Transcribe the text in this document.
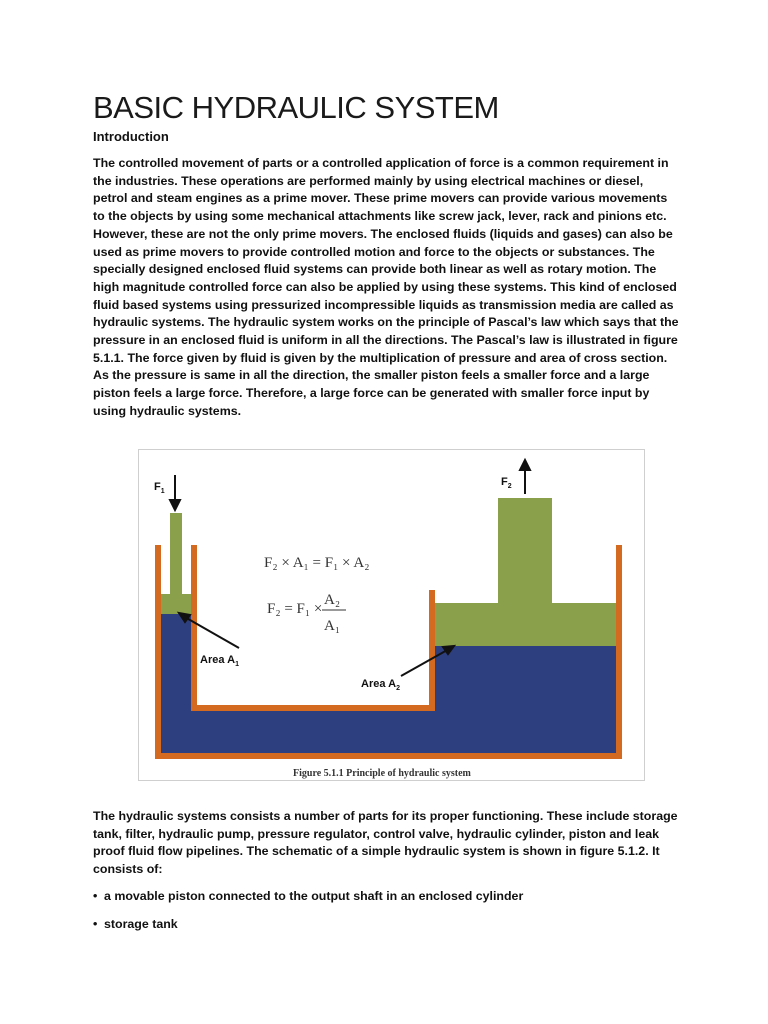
BASIC HYDRAULIC SYSTEM
Introduction

The controlled movement of parts or a controlled application of force is a common requirement in the industries. These operations are performed mainly by using electrical machines or diesel, petrol and steam engines as a prime mover. These prime movers can provide various movements to the objects by using some mechanical attachments like screw jack, lever, rack and pinions etc. However, these are not the only prime movers. The enclosed fluids (liquids and gases) can also be used as prime movers to provide controlled motion and force to the objects or substances. The specially designed enclosed fluid systems can provide both linear as well as rotary motion. The high magnitude controlled force can also be applied by using these systems. This kind of enclosed fluid based systems using pressurized incompressible liquids as transmission media are called as hydraulic systems. The hydraulic system works on the principle of Pascal’s law which says that the pressure in an enclosed fluid is uniform in all the directions. The Pascal’s law is illustrated in figure 5.1.1. The force given by fluid is given by the multiplication of pressure and area of cross section. As the pressure is same in all the direction, the smaller piston feels a smaller force and a large piston feels a large force. Therefore, a large force can be generated with smaller force input by using hydraulic systems.

$F_1$
$F_2$
Area $A_1$
Area $A_2$
F₂ × A₁ = F₁ × A₂
F₂ = F₁ ×
A₂
A₁
Figure 5.1.1 Principle of hydraulic system

The hydraulic systems consists a number of parts for its proper functioning. These include storage tank, filter, hydraulic pump, pressure regulator, control valve, hydraulic cylinder, piston and leak proof fluid flow pipelines. The schematic of a simple hydraulic system is shown in figure 5.1.2. It consists of:

• a movable piston connected to the output shaft in an enclosed cylinder
• storage tank
